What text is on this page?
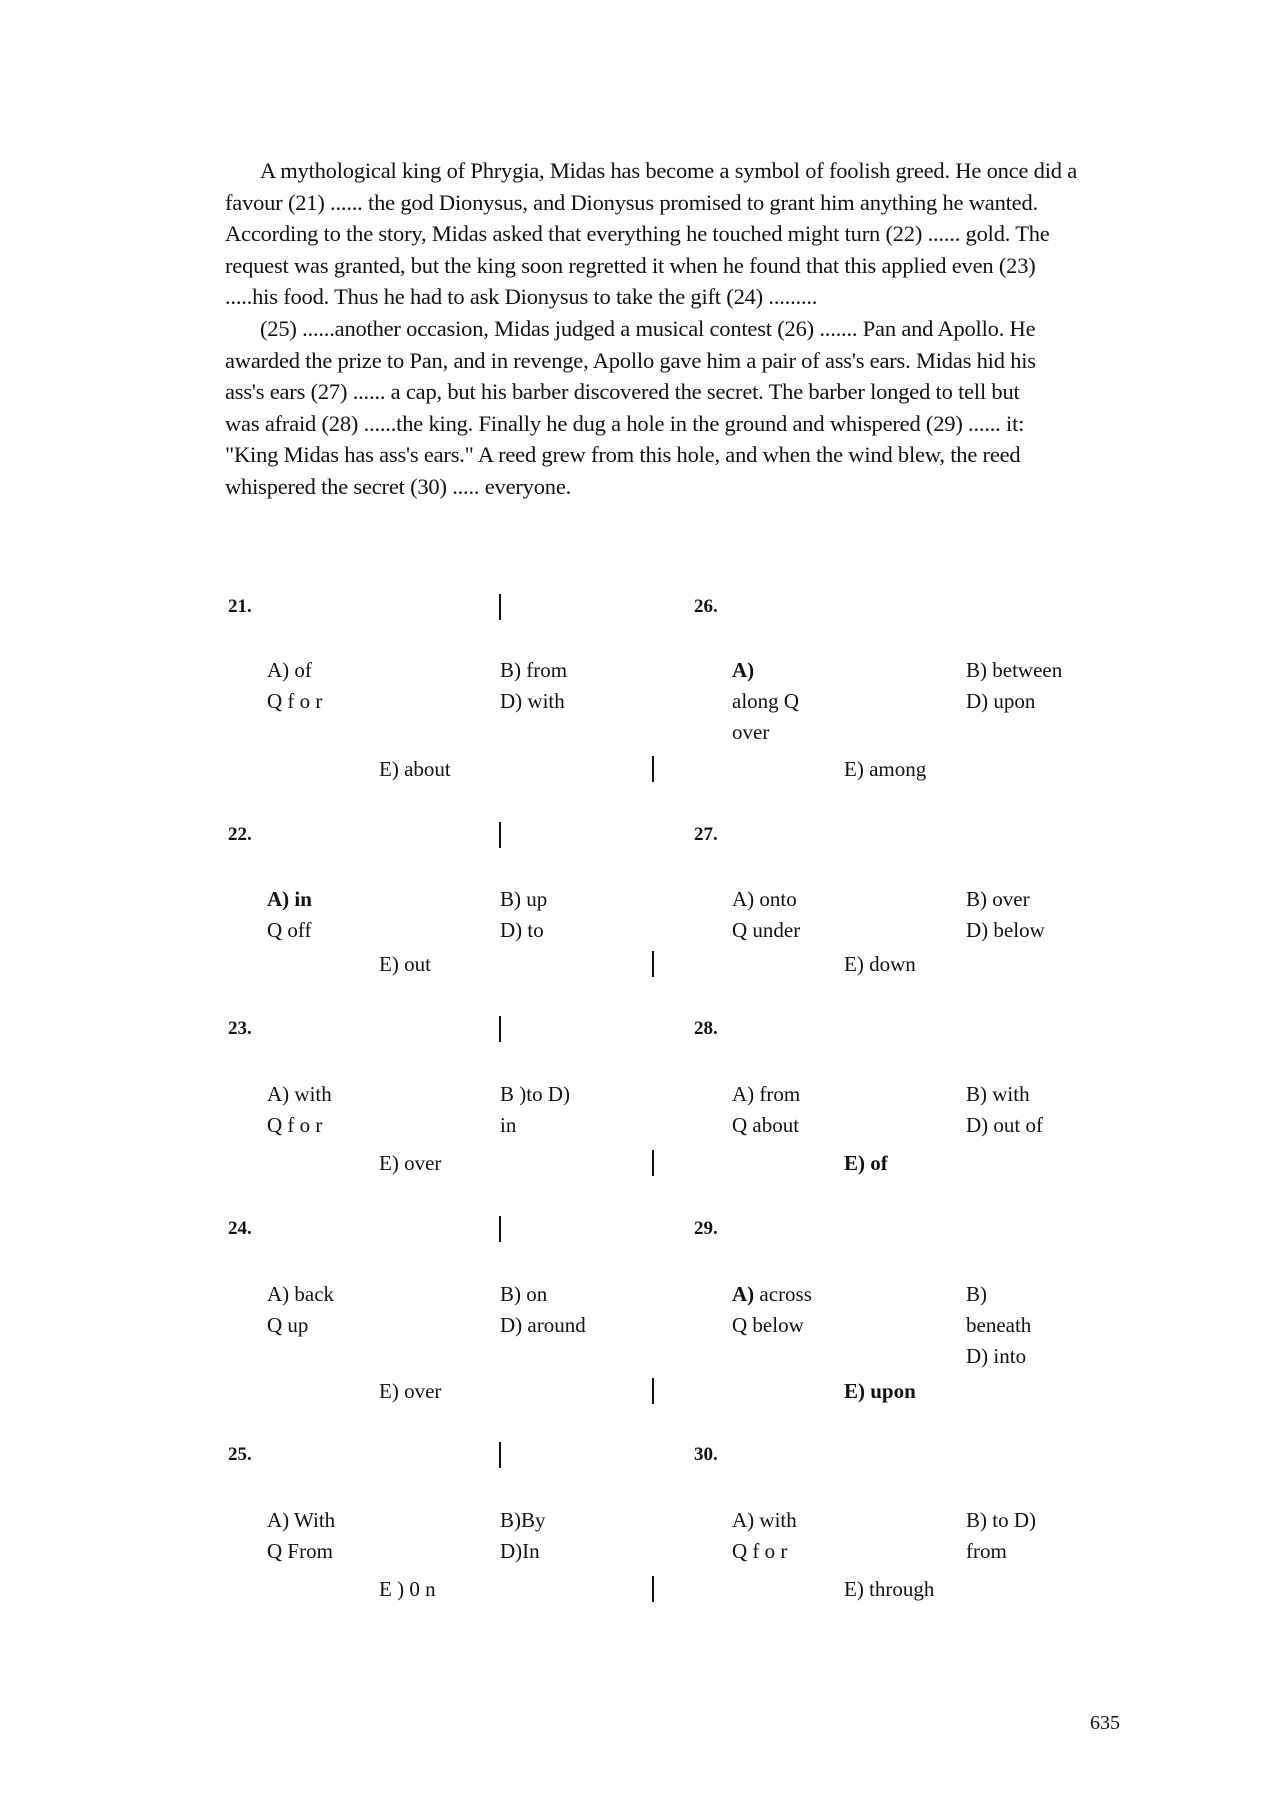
A mythological king of Phrygia, Midas has become a symbol of foolish greed. He once did a
favour (21) ...... the god Dionysus, and Dionysus promised to grant him anything he wanted.
According to the story, Midas asked that everything he touched might turn (22) ...... gold. The
request was granted, but the king soon regretted it when he found that this applied even (23)
.....his food. Thus he had to ask Dionysus to take the gift (24) .........
(25) ......another occasion, Midas judged a musical contest (26) ....... Pan and Apollo. He
awarded the prize to Pan, and in revenge, Apollo gave him a pair of ass's ears. Midas hid his
ass's ears (27) ...... a cap, but his barber discovered the secret. The barber longed to tell but
was afraid (28) ......the king. Finally he dug a hole in the ground and whispered (29) ...... it:
"King Midas has ass's ears." A reed grew from this hole, and when the wind blew, the reed
whispered the secret (30) ..... everyone.
21.
A) of
Q f o r
B) from
D) with
E) about
22.
A) in
Q off
B) up
D) to
E) out
23.
A) with
Q f o r
B )to D)
in
E) over
24.
A) back
Q up
B) on
D) around
E) over
25.
A) With
Q From
B)By
D)In
E ) 0 n
26.
A)
along Q
over
B) between
D) upon
E) among
27.
A) onto
Q under
B) over
D) below
E) down
28.
A) from
Q about
B) with
D) out of
E) of
29.
A) across
Q below
B)
beneath
D) into
E) upon
30.
A) with
Q f o r
B) to D)
from
E) through
635
